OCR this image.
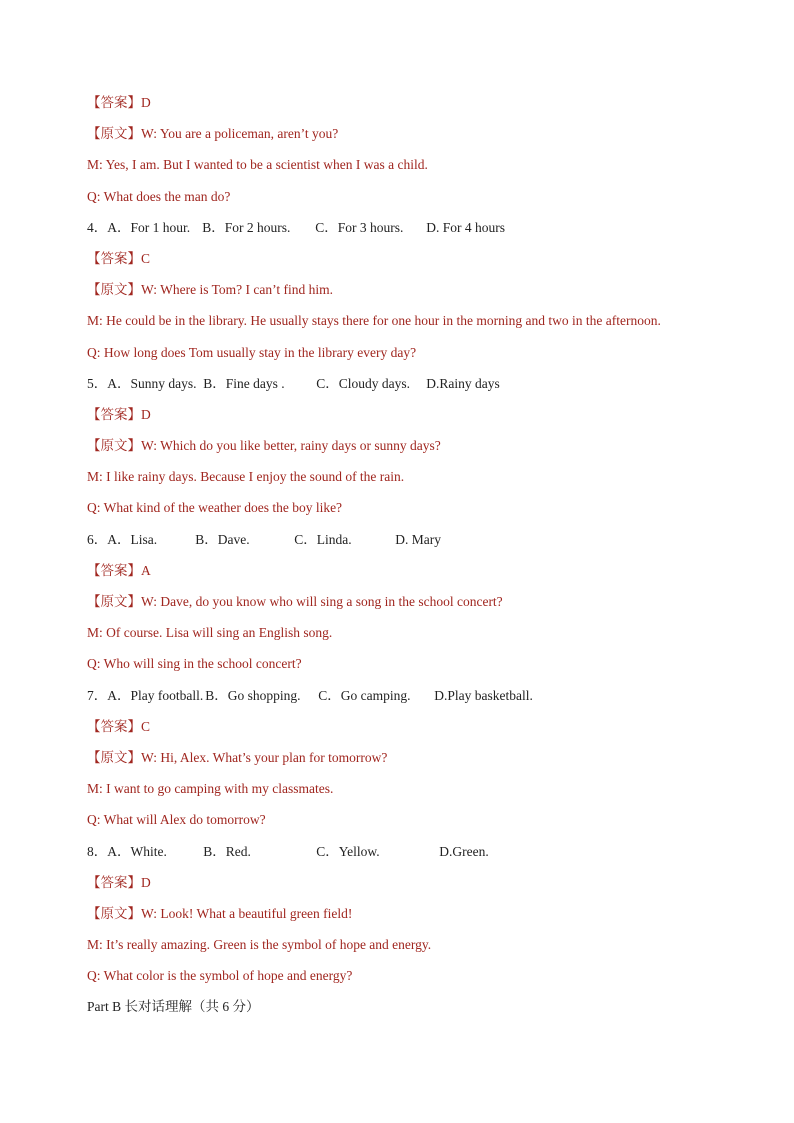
【答案】D
【原文】W: You are a policeman, aren’t you?
M: Yes, I am. But I wanted to be a scientist when I was a child.
Q: What does the man do?
4．A．For 1 hour. B．For 2 hours. C．For 3 hours. D. For 4 hours
【答案】C
【原文】W: Where is Tom? I can’t find him.
M: He could be in the library. He usually stays there for one hour in the morning and two in the afternoon.
Q: How long does Tom usually stay in the library every day?
5．A．Sunny days. B．Fine days . C．Cloudy days. D.Rainy days
【答案】D
【原文】W: Which do you like better, rainy days or sunny days?
M: I like rainy days. Because I enjoy the sound of the rain.
Q: What kind of the weather does the boy like?
6．A．Lisa.	B．Dave.	C．Linda.	D. Mary
【答案】A
【原文】W: Dave, do you know who will sing a song in the school concert?
M: Of course. Lisa will sing an English song.
Q: Who will sing in the school concert?
7．A．Play football. B．Go shopping. C．Go camping. D.Play basketball.
【答案】C
【原文】W: Hi, Alex. What’s your plan for tomorrow?
M: I want to go camping with my classmates.
Q: What will Alex do tomorrow?
8．A．White.	B．Red.	C．Yellow.	D.Green.
【答案】D
【原文】W: Look! What a beautiful green field!
M: It’s really amazing. Green is the symbol of hope and energy.
Q: What color is the symbol of hope and energy?
Part B 长对话理解（共 6 分）
